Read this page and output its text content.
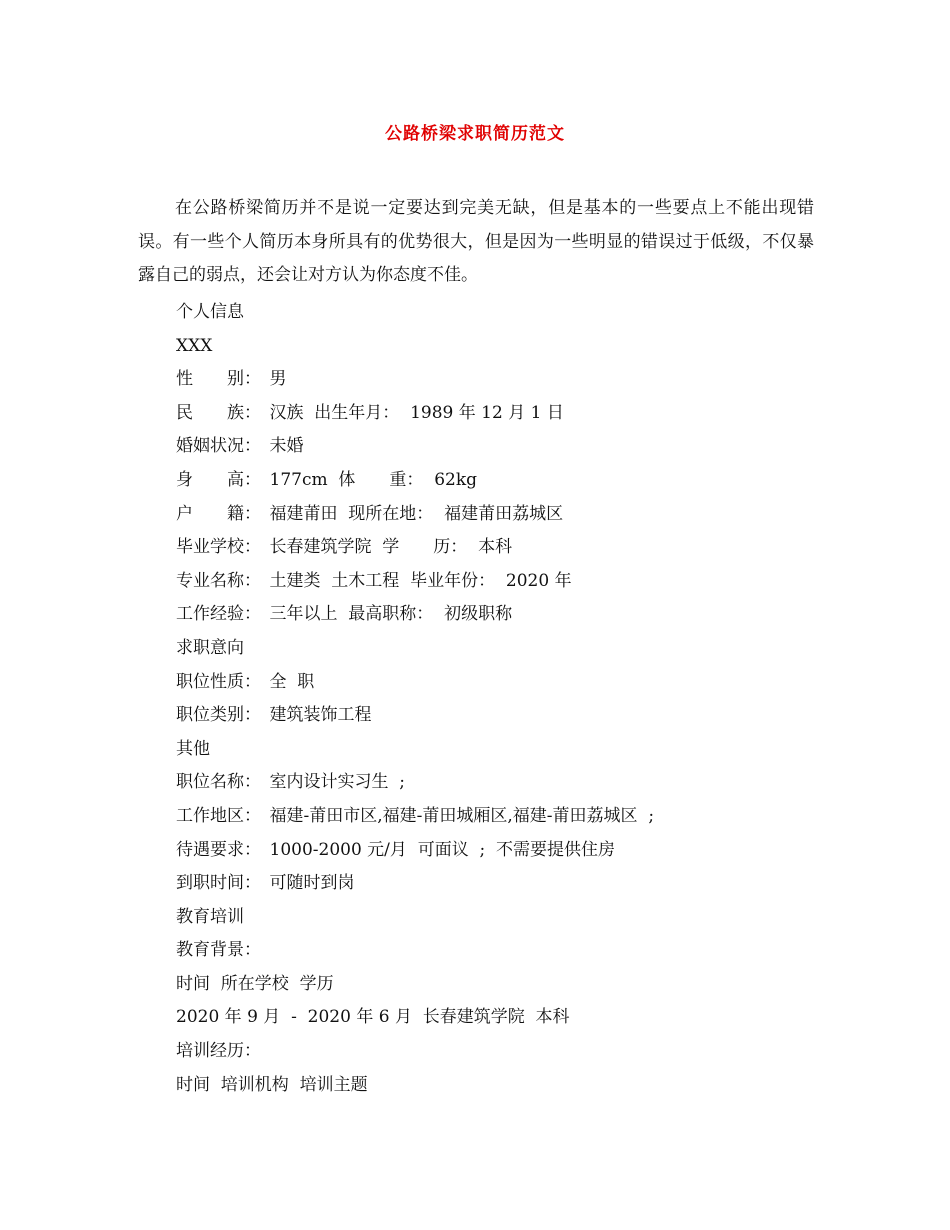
公路桥梁求职简历范文

在公路桥梁简历并不是说一定要达到完美无缺，但是基本的一些要点上不能出现错误。有一些个人简历本身所具有的优势很大，但是因为一些明显的错误过于低级，不仅暴露自己的弱点，还会让对方认为你态度不佳。

个人信息
XXX
性　　别：　男
民　　族：　汉族  出生年月：  1989 年 12 月 1 日
婚姻状况：　未婚
身　　高：　177cm  体　　重：  62kg
户　　籍：　福建莆田  现所在地：  福建莆田荔城区
毕业学校：　长春建筑学院  学　　历：  本科
专业名称：　土建类  土木工程  毕业年份：  2020 年
工作经验：　三年以上  最高职称：  初级职称
求职意向
职位性质：　全  职
职位类别：　建筑装饰工程
其他
职位名称：　室内设计实习生  ;
工作地区：　福建-莆田市区,福建-莆田城厢区,福建-莆田荔城区  ;
待遇要求：　1000-2000 元/月  可面议  ;  不需要提供住房
到职时间：　可随时到岗
教育培训
教育背景：
时间  所在学校  学历
2020 年 9 月  -  2020 年 6 月  长春建筑学院  本科
培训经历：
时间  培训机构  培训主题
